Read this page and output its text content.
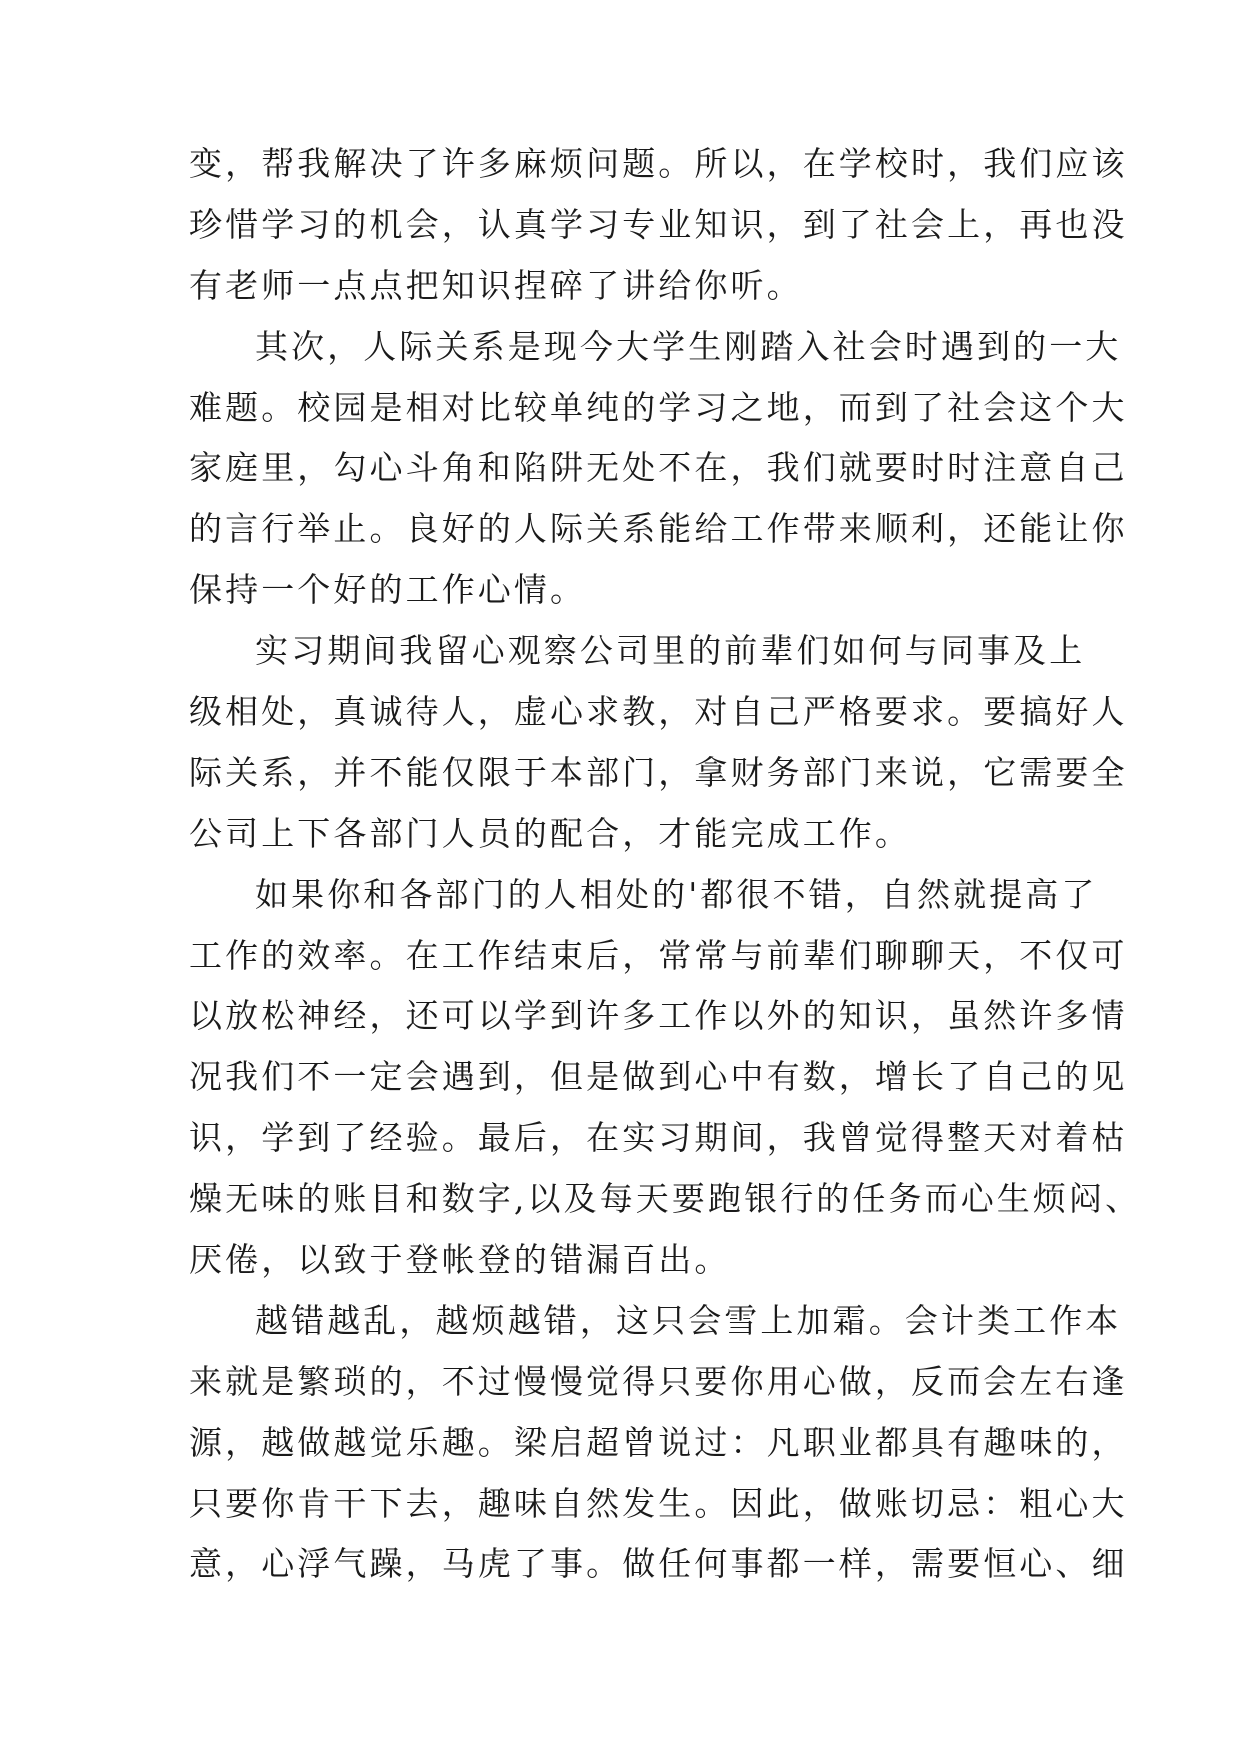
变，帮我解决了许多麻烦问题。所以，在学校时，我们应该
珍惜学习的机会，认真学习专业知识，到了社会上，再也没
有老师一点点把知识捏碎了讲给你听。
其次，人际关系是现今大学生刚踏入社会时遇到的一大
难题。校园是相对比较单纯的学习之地，而到了社会这个大
家庭里，勾心斗角和陷阱无处不在，我们就要时时注意自己
的言行举止。良好的人际关系能给工作带来顺利，还能让你
保持一个好的工作心情。
实习期间我留心观察公司里的前辈们如何与同事及上
级相处，真诚待人，虚心求教，对自己严格要求。要搞好人
际关系，并不能仅限于本部门，拿财务部门来说，它需要全
公司上下各部门人员的配合，才能完成工作。
如果你和各部门的人相处的'都很不错，自然就提高了
工作的效率。在工作结束后，常常与前辈们聊聊天，不仅可
以放松神经，还可以学到许多工作以外的知识，虽然许多情
况我们不一定会遇到，但是做到心中有数，增长了自己的见
识，学到了经验。最后，在实习期间，我曾觉得整天对着枯
燥无味的账目和数字,以及每天要跑银行的任务而心生烦闷、
厌倦，以致于登帐登的错漏百出。
越错越乱，越烦越错，这只会雪上加霜。会计类工作本
来就是繁琐的，不过慢慢觉得只要你用心做，反而会左右逢
源，越做越觉乐趣。梁启超曾说过：凡职业都具有趣味的，
只要你肯干下去，趣味自然发生。因此，做账切忌：粗心大
意，心浮气躁，马虎了事。做任何事都一样，需要恒心、细
